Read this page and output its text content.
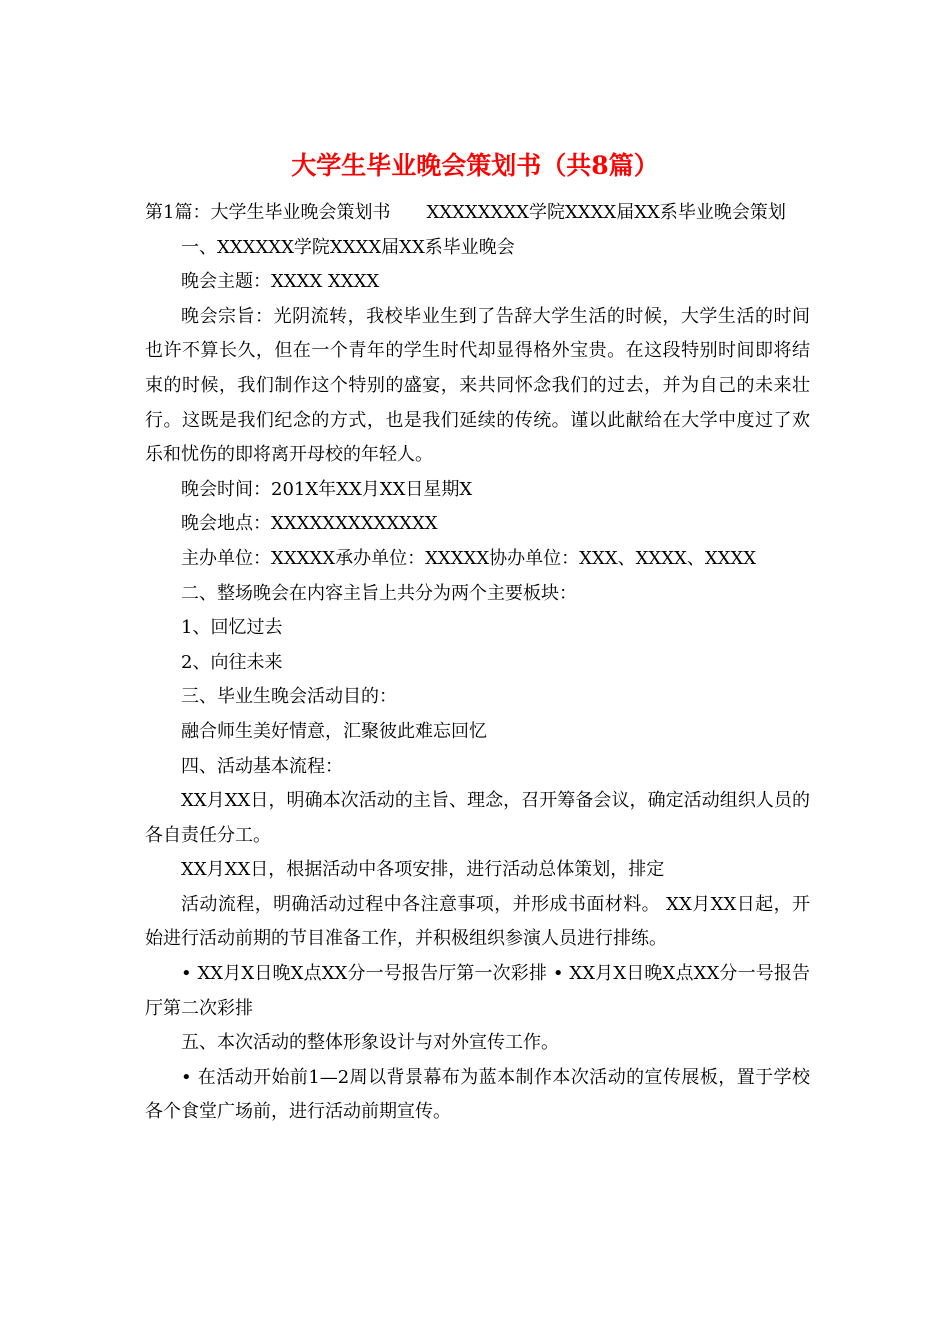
大学生毕业晚会策划书（共8篇）

第1篇：大学生毕业晚会策划书 XXXXXXXX学院XXXX届XX系毕业晚会策划

一、XXXXXX学院XXXX届XX系毕业晚会

晚会主题：XXXX XXXX

晚会宗旨：光阴流转，我校毕业生到了告辞大学生活的时候，大学生活的时间也许不算长久，但在一个青年的学生时代却显得格外宝贵。在这段特别时间即将结束的时候，我们制作这个特别的盛宴，来共同怀念我们的过去，并为自己的未来壮行。这既是我们纪念的方式，也是我们延续的传统。谨以此献给在大学中度过了欢乐和忧伤的即将离开母校的年轻人。

晚会时间：201X年XX月XX日星期X

晚会地点：XXXXXXXXXXXXX

主办单位：XXXXX承办单位：XXXXX协办单位：XXX、XXXX、XXXX

二、整场晚会在内容主旨上共分为两个主要板块：

1、回忆过去

2、向往未来

三、毕业生晚会活动目的：

融合师生美好情意，汇聚彼此难忘回忆

四、活动基本流程：

XX月XX日，明确本次活动的主旨、理念，召开筹备会议，确定活动组织人员的各自责任分工。

XX月XX日，根据活动中各项安排，进行活动总体策划，排定

活动流程，明确活动过程中各注意事项，并形成书面材料。 XX月XX日起，开始进行活动前期的节目准备工作，并积极组织参演人员进行排练。

• XX月X日晚X点XX分一号报告厅第一次彩排 • XX月X日晚X点XX分一号报告厅第二次彩排

五、本次活动的整体形象设计与对外宣传工作。

• 在活动开始前1—2周以背景幕布为蓝本制作本次活动的宣传展板，置于学校各个食堂广场前，进行活动前期宣传。
